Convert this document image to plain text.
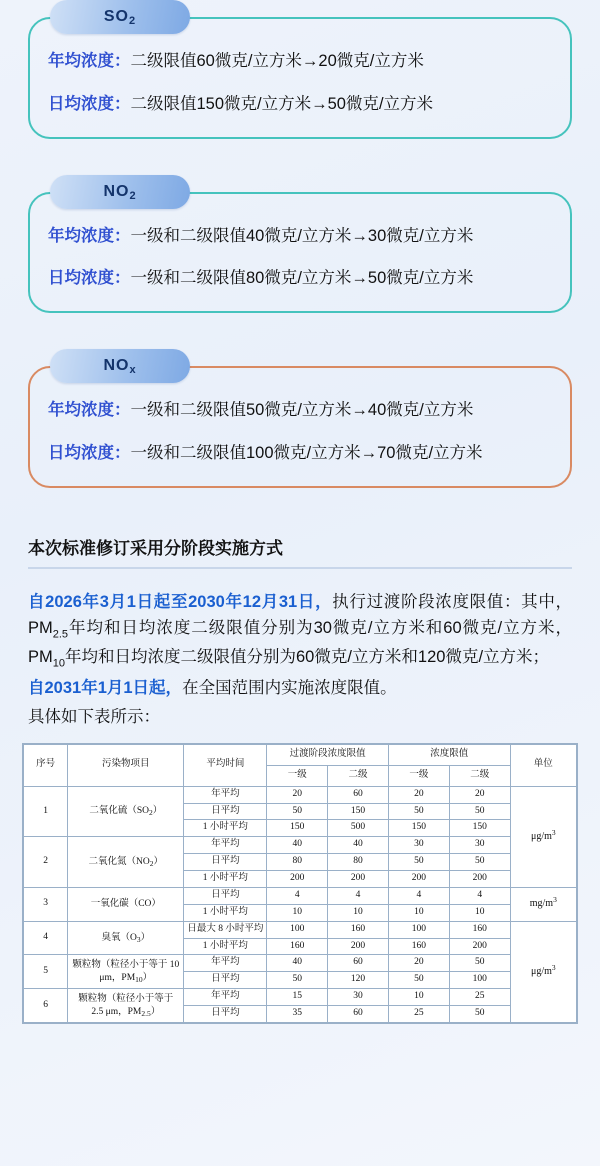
$SO_2$
年均浓度： 二级限值60微克/立方米→20微克/立方米
日均浓度： 二级限值150微克/立方米→50微克/立方米
$NO_2$
年均浓度： 一级和二级限值40微克/立方米→30微克/立方米
日均浓度： 一级和二级限值80微克/立方米→50微克/立方米
$NO_x$
年均浓度： 一级和二级限值50微克/立方米→40微克/立方米
日均浓度： 一级和二级限值100微克/立方米→70微克/立方米
本次标准修订采用分阶段实施方式
自2026年3月1日起至2030年12月31日，执行过渡阶段浓度限值：其中，$PM_{2.5}$年均和日均浓度二级限值分别为30微克/立方米和60微克/立方米，$PM_{10}$年均和日均浓度二级限值分别为60微克/立方米和120微克/立方米；
自2031年1月1日起，在全国范围内实施浓度限值。
具体如下表所示：
序号	污染物项目	平均时间	过渡阶段浓度限值		浓度限值		单位
			一级	二级	一级	二级	
1	二氧化硫$(SO_2)$	年平均	20	60	20	20	$\mu g/m^3$
		日平均	50	150	50	50	
		1 小时平均	150	500	150	150	
2	二氧化氮$(NO_2)$	年平均	40	40	30	30	
		日平均	80	80	50	50	
		1 小时平均	200	200	200	200	
3	一氧化碳（CO）	日平均	4	4	4	4	$mg/m^3$
		1 小时平均	10	10	10	10	
4	臭氧$(O_3)$	日最大 8 小时平均	100	160	100	160	$\mu g/m^3$
		1 小时平均	160	200	160	200	
5	颗粒物（粒径小于等于 10 μm，$PM_{10}$）	年平均	40	60	20	50	
		日平均	50	120	50	100	
6	颗粒物（粒径小于等于 2.5 μm，$PM_{2.5}$）	年平均	15	30	10	25	
		日平均	35	60	25	50	
